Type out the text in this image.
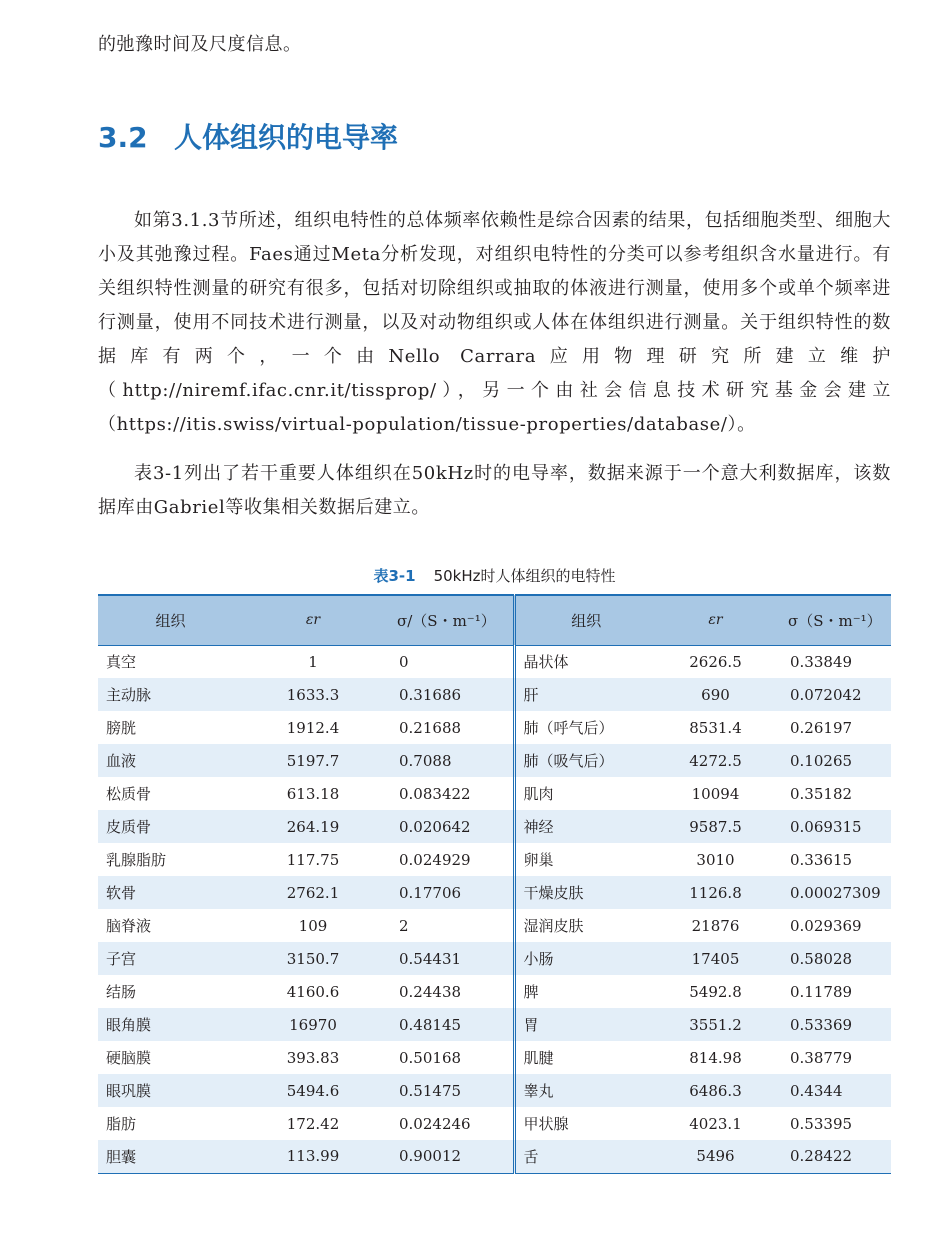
的弛豫时间及尺度信息。
3.2 人体组织的电导率

如第3.1.3节所述，组织电特性的总体频率依赖性是综合因素的结果，包括细胞类型、细胞大小及其弛豫过程。Faes通过Meta分析发现，对组织电特性的分类可以参考组织含水量进行。有关组织特性测量的研究有很多，包括对切除组织或抽取的体液进行测量，使用多个或单个频率进行测量，使用不同技术进行测量，以及对动物组织或人体在体组织进行测量。关于组织特性的数据库有两个，一个由Nello Carrara应用物理研究所建立维护（http://niremf.ifac.cnr.it/tissprop/），另一个由社会信息技术研究基金会建立（https://itis.swiss/virtual-population/tissue-properties/database/）。

表3-1列出了若干重要人体组织在50kHz时的电导率，数据来源于一个意大利数据库，该数据库由Gabriel等收集相关数据后建立。

表3-1 50kHz时人体组织的电特性
组织	εr	σ/（S・m⁻¹）	组织	εr	σ（S・m⁻¹）
真空	1	0	晶状体	2626.5	0.33849
主动脉	1633.3	0.31686	肝	690	0.072042
膀胱	1912.4	0.21688	肺（呼气后）	8531.4	0.26197
血液	5197.7	0.7088	肺（吸气后）	4272.5	0.10265
松质骨	613.18	0.083422	肌肉	10094	0.35182
皮质骨	264.19	0.020642	神经	9587.5	0.069315
乳腺脂肪	117.75	0.024929	卵巢	3010	0.33615
软骨	2762.1	0.17706	干燥皮肤	1126.8	0.00027309
脑脊液	109	2	湿润皮肤	21876	0.029369
子宫	3150.7	0.54431	小肠	17405	0.58028
结肠	4160.6	0.24438	脾	5492.8	0.11789
眼角膜	16970	0.48145	胃	3551.2	0.53369
硬脑膜	393.83	0.50168	肌腱	814.98	0.38779
眼巩膜	5494.6	0.51475	睾丸	6486.3	0.4344
脂肪	172.42	0.024246	甲状腺	4023.1	0.53395
胆囊	113.99	0.90012	舌	5496	0.28422
